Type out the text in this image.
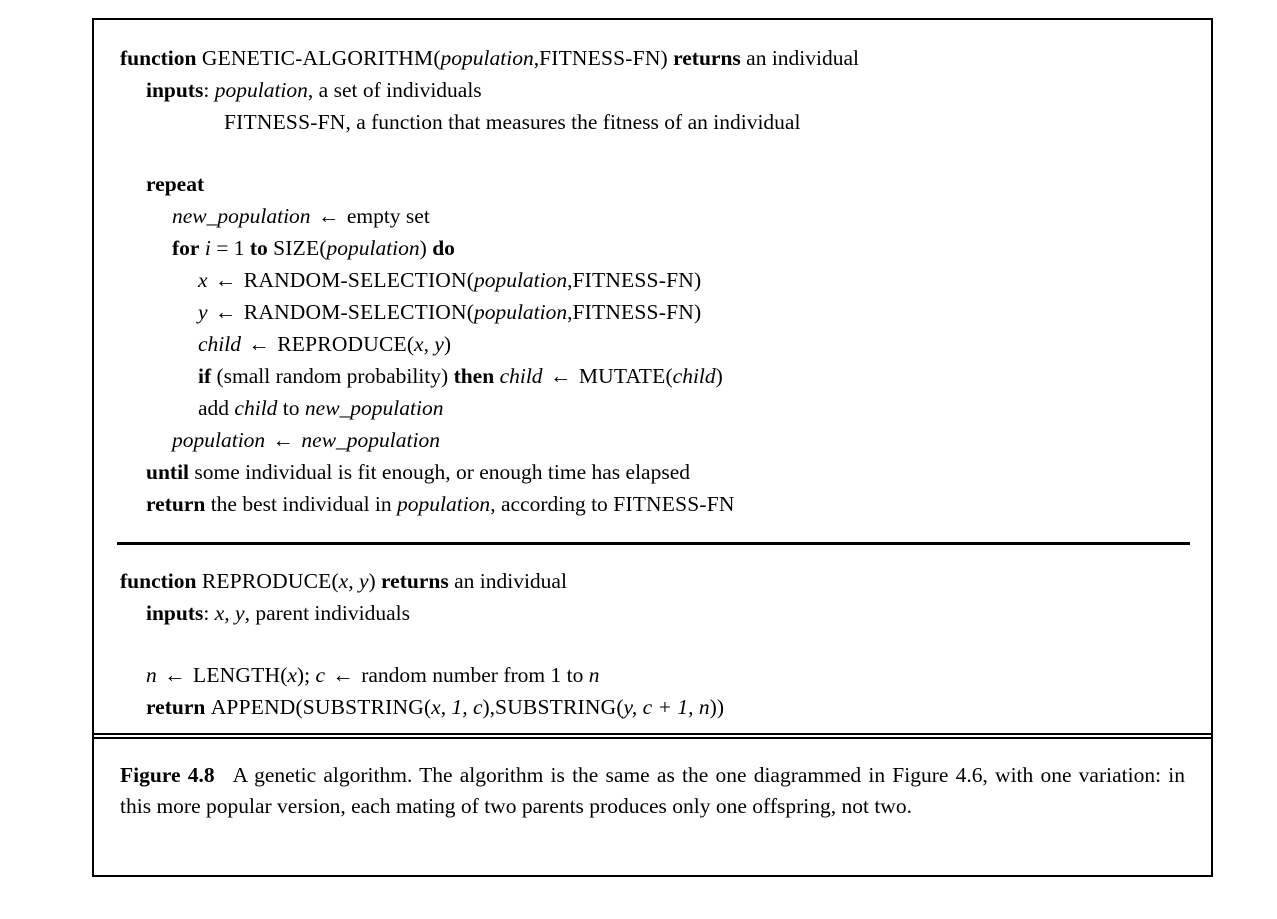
function GENETIC-ALGORITHM(population,FITNESS-FN) returns an individual
inputs: population, a set of individuals
FITNESS-FN, a function that measures the fitness of an individual
repeat
new_population ← empty set
for i = 1 to SIZE(population) do
x ← RANDOM-SELECTION(population,FITNESS-FN)
y ← RANDOM-SELECTION(population,FITNESS-FN)
child ← REPRODUCE(x, y)
if (small random probability) then child ← MUTATE(child)
add child to new_population
population ← new_population
until some individual is fit enough, or enough time has elapsed
return the best individual in population, according to FITNESS-FN
function REPRODUCE(x, y) returns an individual
inputs: x, y, parent individuals
n ← LENGTH(x); c ← random number from 1 to n
return APPEND(SUBSTRING(x, 1, c),SUBSTRING(y, c + 1, n))
Figure 4.8 A genetic algorithm. The algorithm is the same as the one diagrammed in Figure 4.6, with one variation: in this more popular version, each mating of two parents produces only one offspring, not two.
